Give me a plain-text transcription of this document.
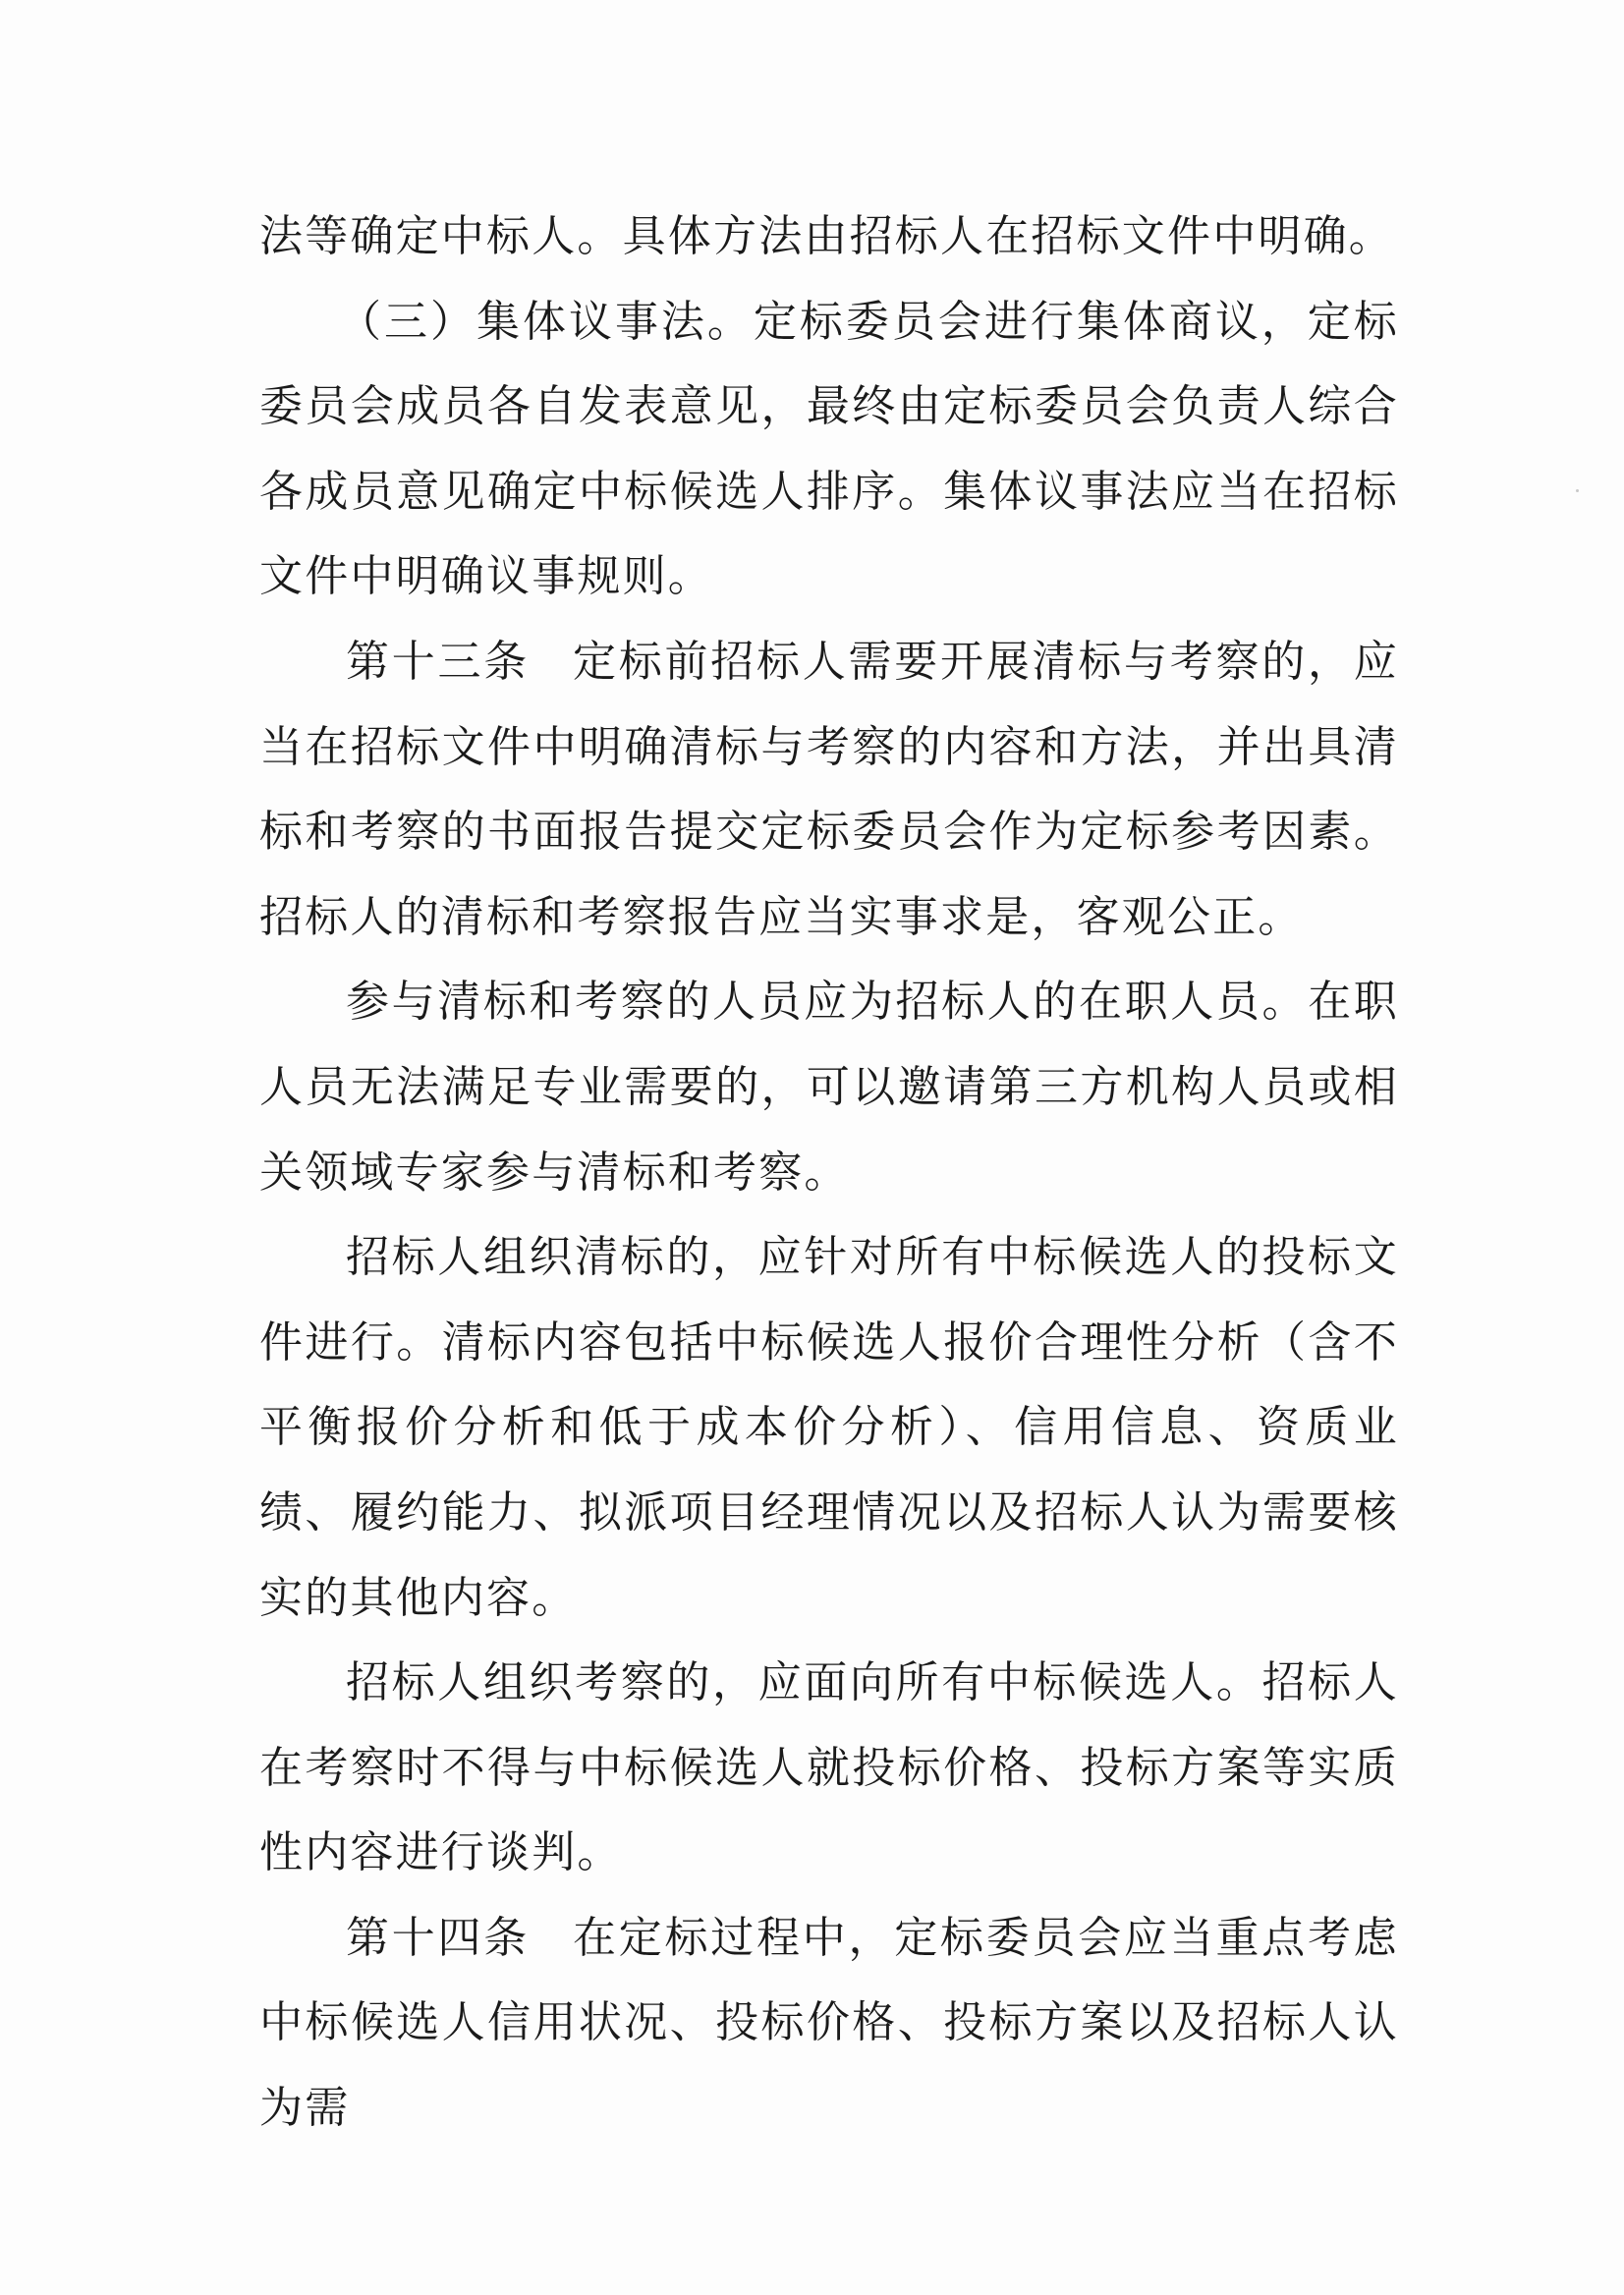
法等确定中标人。具体方法由招标人在招标文件中明确。

（三）集体议事法。定标委员会进行集体商议，定标委员会成员各自发表意见，最终由定标委员会负责人综合各成员意见确定中标候选人排序。集体议事法应当在招标文件中明确议事规则。

第十三条 定标前招标人需要开展清标与考察的，应当在招标文件中明确清标与考察的内容和方法，并出具清标和考察的书面报告提交定标委员会作为定标参考因素。招标人的清标和考察报告应当实事求是，客观公正。

参与清标和考察的人员应为招标人的在职人员。在职人员无法满足专业需要的，可以邀请第三方机构人员或相关领域专家参与清标和考察。

招标人组织清标的，应针对所有中标候选人的投标文件进行。清标内容包括中标候选人报价合理性分析（含不平衡报价分析和低于成本价分析）、信用信息、资质业绩、履约能力、拟派项目经理情况以及招标人认为需要核实的其他内容。

招标人组织考察的，应面向所有中标候选人。招标人在考察时不得与中标候选人就投标价格、投标方案等实质性内容进行谈判。

第十四条 在定标过程中，定标委员会应当重点考虑中标候选人信用状况、投标价格、投标方案以及招标人认为需
